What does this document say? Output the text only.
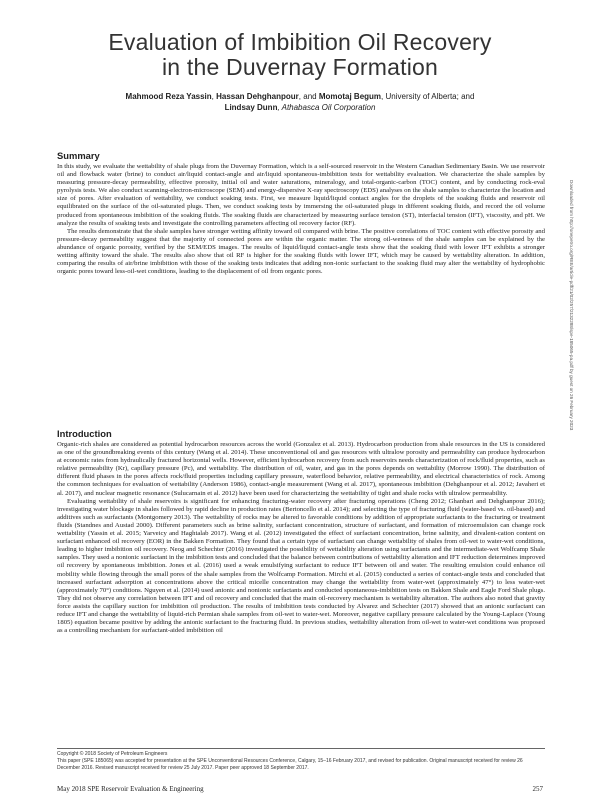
Evaluation of Imbibition Oil Recovery
in the Duvernay Formation
Mahmood Reza Yassin, Hassan Dehghanpour, and Momotaj Begum, University of Alberta; and
Lindsay Dunn, Athabasca Oil Corporation
Summary

In this study, we evaluate the wettability of shale plugs from the Duvernay Formation, which is a self-sourced reservoir in the Western Canadian Sedimentary Basin. We use reservoir oil and flowback water (brine) to conduct air/liquid contact-angle and air/liquid spontaneous-imbibition tests for wettability evaluation. We characterize the shale samples by measuring pressure-decay permeability, effective porosity, initial oil and water saturations, mineralogy, and total-organic-carbon (TOC) content, and by conducting rock-eval pyrolysis tests. We also conduct scanning-electron-microscope (SEM) and energy-dispersive X-ray spectroscopy (EDS) analyses on the shale samples to characterize the location and size of pores. After evaluation of wettability, we conduct soaking tests. First, we measure liquid/liquid contact angles for the droplets of the soaking fluids and reservoir oil equilibrated on the surface of the oil-saturated plugs. Then, we conduct soaking tests by immersing the oil-saturated plugs in different soaking fluids, and record the oil volume produced from spontaneous imbibition of the soaking fluids. The soaking fluids are characterized by measuring surface tension (ST), interfacial tension (IFT), viscosity, and pH. We analyze the results of soaking tests and investigate the controlling parameters affecting oil recovery factor (RF).

The results demonstrate that the shale samples have stronger wetting affinity toward oil compared with brine. The positive correlations of TOC content with effective porosity and pressure-decay permeability suggest that the majority of connected pores are within the organic matter. The strong oil-wetness of the shale samples can be explained by the abundance of organic porosity, verified by the SEM/EDS images. The results of liquid/liquid contact-angle tests show that the soaking fluid with lower IFT exhibits a stronger wetting affinity toward the shale. The results also show that oil RF is higher for the soaking fluids with lower IFT, which may be caused by wettability alteration. In addition, comparing the results of air/brine imbibition with those of the soaking tests indicates that adding non-ionic surfactant to the soaking fluid may alter the wettability of hydrophobic organic pores toward less-oil-wet conditions, leading to the displacement of oil from organic pores.

Introduction

Organic-rich shales are considered as potential hydrocarbon resources across the world (Gonzalez et al. 2013). Hydrocarbon production from shale resources in the US is considered as one of the groundbreaking events of this century (Wang et al. 2014). These unconventional oil and gas resources with ultralow porosity and permeability can produce hydrocarbon at economic rates from hydraulically fractured horizontal wells. However, efficient hydrocarbon recovery from such reservoirs needs characterization of rock/fluid properties, such as relative permeability (Kr), capillary pressure (Pc), and wettability. The distribution of oil, water, and gas in the pores depends on wettability (Morrow 1990). The distribution of different fluid phases in the pores affects rock/fluid properties including capillary pressure, waterflood behavior, relative permeability, and electrical characteristics of rock. Among the common techniques for evaluation of wettability (Anderson 1986), contact-angle measurement (Wang et al. 2017), spontaneous imbibition (Dehghanpour et al. 2012; Javaheri et al. 2017), and nuclear magnetic resonance (Sulucarnain et al. 2012) have been used for characterizing the wettability of tight and shale rocks with ultralow permeability.

Evaluating wettability of shale reservoirs is significant for enhancing fracturing-water recovery after fracturing operations (Cheng 2012; Ghanbari and Dehghanpour 2016); investigating water blockage in shales followed by rapid decline in production rates (Bertoncello et al. 2014); and selecting the type of fracturing fluid (water-based vs. oil-based) and additives such as surfactants (Montgomery 2013). The wettability of rocks may be altered to favorable conditions by addition of appropriate surfactants to the fracturing or treatment fluids (Standnes and Austad 2000). Different parameters such as brine salinity, surfactant concentration, structure of surfactant, and formation of microemulsion can change rock wettability (Yassin et al. 2015; Yarveicy and Haghtalab 2017). Wang et al. (2012) investigated the effect of surfactant concentration, brine salinity, and divalent-cation content on surfactant enhanced oil recovery (EOR) in the Bakken Formation. They found that a certain type of surfactant can change wettability of shales from oil-wet to water-wet conditions, leading to higher imbibition oil recovery. Neog and Schechter (2016) investigated the possibility of wettability alteration using surfactants and the intermediate-wet Wolfcamp Shale samples. They used a nonionic surfactant in the imbibition tests and concluded that the balance between contributions of wettability alteration and IFT reduction determines improved oil recovery by spontaneous imbibition. Jones et al. (2016) used a weak emulsifying surfactant to reduce IFT between oil and water. The resulting emulsion could enhance oil mobility while flowing through the small pores of the shale samples from the Wolfcamp Formation. Mirchi et al. (2015) conducted a series of contact-angle tests and concluded that increased surfactant adsorption at concentrations above the critical micelle concentration may change the wettability from water-wet (approximately 47°) to less water-wet (approximately 70°) conditions. Nguyen et al. (2014) used anionic and nonionic surfactants and conducted spontaneous-imbibition tests on Bakken Shale and Eagle Ford Shale plugs. They did not observe any correlation between IFT and oil recovery and concluded that the main oil-recovery mechanism is wettability alteration. The authors also noted that gravity force assists the capillary suction for imbibition oil production. The results of imbibition tests conducted by Alvarez and Schechter (2017) showed that an anionic surfactant can reduce IFT and change the wettability of liquid-rich Permian shale samples from oil-wet to water-wet. Moreover, negative capillary pressure calculated by the Young-Laplace (Young 1805) equation became positive by adding the anionic surfactant to the fracturing fluid. In previous studies, wettability alteration from oil-wet to water-wet conditions was proposed as a controlling mechanism for surfactant-aided imbibition oil

Downloaded from http://onepetro.org/REE/article-pdf/21/02/257/2132288/spe-185065-pa.pdf by guest on 26 February 2023
Copyright © 2018 Society of Petroleum Engineers
May 2018 SPE Reservoir Evaluation & Engineering	257
This paper (SPE 185065) was accepted for presentation at the SPE Unconventional Resources Conference, Calgary, 15–16 February 2017, and revised for publication. Original manuscript received for review 26 December 2016. Revised manuscript received for review 25 July 2017. Paper peer approved 18 September 2017.
